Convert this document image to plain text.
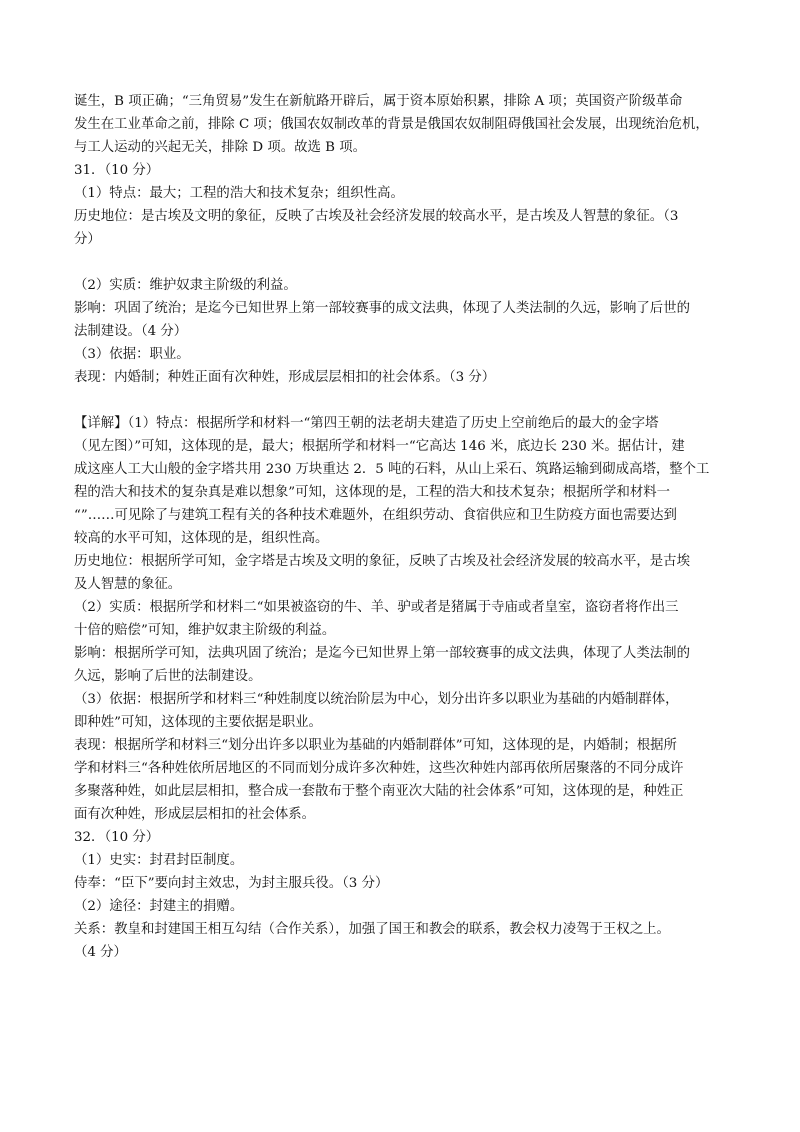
诞生，B 项正确；“三角贸易”发生在新航路开辟后，属于资本原始积累，排除 A 项；英国资产阶级革命
发生在工业革命之前，排除 C 项；俄国农奴制改革的背景是俄国农奴制阻碍俄国社会发展，出现统治危机，
与工人运动的兴起无关，排除 D 项。故选 B 项。
31．（10 分）
（1）特点：最大；工程的浩大和技术复杂；组织性高。
历史地位：是古埃及文明的象征，反映了古埃及社会经济发展的较高水平，是古埃及人智慧的象征。（3
分）
（2）实质：维护奴隶主阶级的利益。
影响：巩固了统治；是迄今已知世界上第一部较赛事的成文法典，体现了人类法制的久远，影响了后世的
法制建设。（4 分）
（3）依据：职业。
表现：内婚制；种姓正面有次种姓，形成层层相扣的社会体系。（3 分）
【详解】（1）特点：根据所学和材料一“第四王朝的法老胡夫建造了历史上空前绝后的最大的金字塔
（见左图）”可知，这体现的是，最大；根据所学和材料一“它高达 146 米，底边长 230 米。据估计，建
成这座人工大山般的金字塔共用 230 万块重达 2．5 吨的石料，从山上采石、筑路运输到砌成高塔，整个工
程的浩大和技术的复杂真是难以想象”可知，这体现的是，工程的浩大和技术复杂；根据所学和材料一
“”……可见除了与建筑工程有关的各种技术难题外，在组织劳动、食宿供应和卫生防疫方面也需要达到
较高的水平可知，这体现的是，组织性高。
历史地位：根据所学可知，金字塔是古埃及文明的象征，反映了古埃及社会经济发展的较高水平，是古埃
及人智慧的象征。
（2）实质：根据所学和材料二“如果被盗窃的牛、羊、驴或者是猪属于寺庙或者皇室，盗窃者将作出三
十倍的赔偿”可知，维护奴隶主阶级的利益。
影响：根据所学可知，法典巩固了统治；是迄今已知世界上第一部较赛事的成文法典，体现了人类法制的
久远，影响了后世的法制建设。
（3）依据：根据所学和材料三“种姓制度以统治阶层为中心，划分出许多以职业为基础的内婚制群体，
即种姓”可知，这体现的主要依据是职业。
表现：根据所学和材料三“划分出许多以职业为基础的内婚制群体”可知，这体现的是，内婚制；根据所
学和材料三“各种姓依所居地区的不同而划分成许多次种姓，这些次种姓内部再依所居聚落的不同分成许
多聚落种姓，如此层层相扣，整合成一套散布于整个南亚次大陆的社会体系”可知，这体现的是，种姓正
面有次种姓，形成层层相扣的社会体系。
32．（10 分）
（1）史实：封君封臣制度。
侍奉：“臣下”要向封主效忠，为封主服兵役。（3 分）
（2）途径：封建主的捐赠。
关系：教皇和封建国王相互勾结（合作关系），加强了国王和教会的联系，教会权力凌驾于王权之上。
（4 分）
